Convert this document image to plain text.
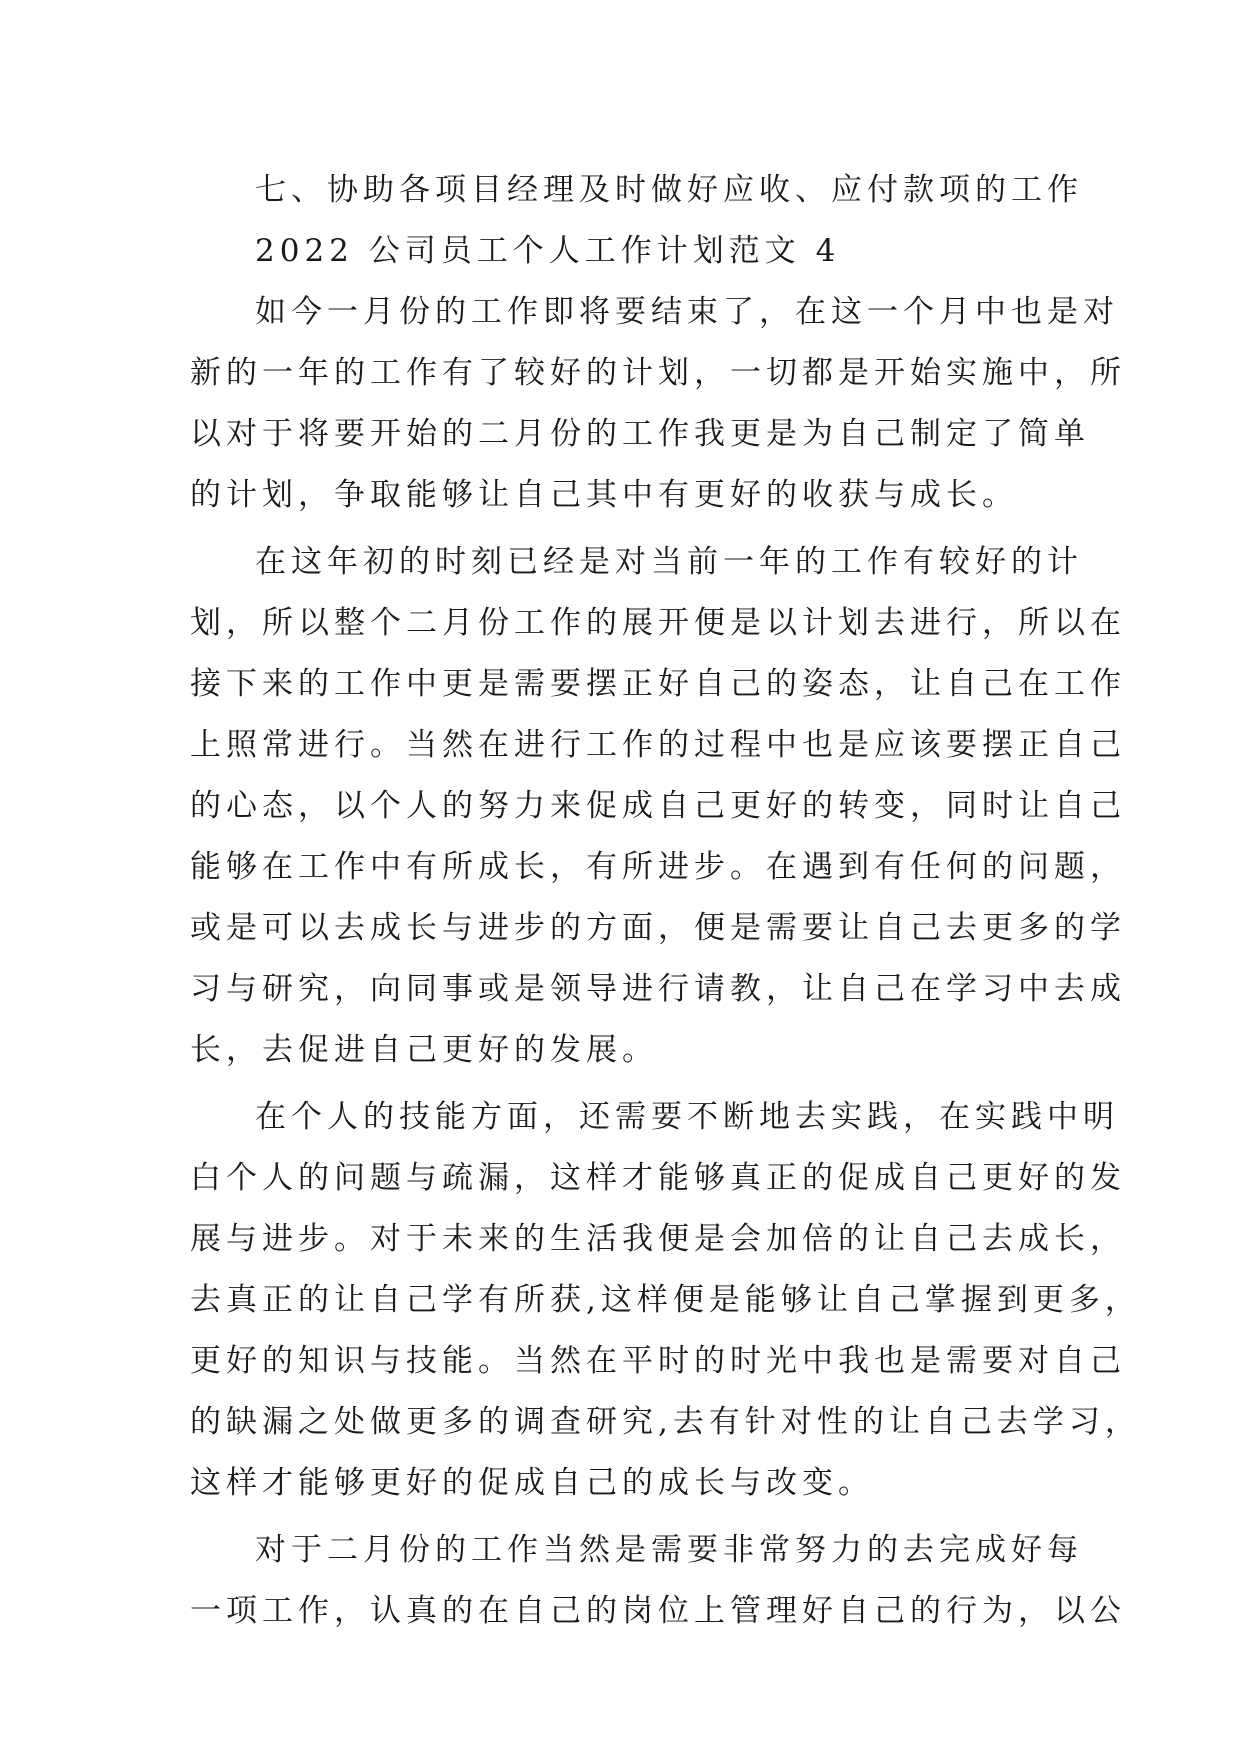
七、协助各项目经理及时做好应收、应付款项的工作
2022 公司员工个人工作计划范文 4
如今一月份的工作即将要结束了，在这一个月中也是对
新的一年的工作有了较好的计划，一切都是开始实施中，所
以对于将要开始的二月份的工作我更是为自己制定了简单
的计划，争取能够让自己其中有更好的收获与成长。
在这年初的时刻已经是对当前一年的工作有较好的计
划，所以整个二月份工作的展开便是以计划去进行，所以在
接下来的工作中更是需要摆正好自己的姿态，让自己在工作
上照常进行。当然在进行工作的过程中也是应该要摆正自己
的心态，以个人的努力来促成自己更好的转变，同时让自己
能够在工作中有所成长，有所进步。在遇到有任何的问题，
或是可以去成长与进步的方面，便是需要让自己去更多的学
习与研究，向同事或是领导进行请教，让自己在学习中去成
长，去促进自己更好的发展。
在个人的技能方面，还需要不断地去实践，在实践中明
白个人的问题与疏漏，这样才能够真正的促成自己更好的发
展与进步。对于未来的生活我便是会加倍的让自己去成长，
去真正的让自己学有所获,这样便是能够让自己掌握到更多，
更好的知识与技能。当然在平时的时光中我也是需要对自己
的缺漏之处做更多的调查研究,去有针对性的让自己去学习，
这样才能够更好的促成自己的成长与改变。
对于二月份的工作当然是需要非常努力的去完成好每
一项工作，认真的在自己的岗位上管理好自己的行为，以公
